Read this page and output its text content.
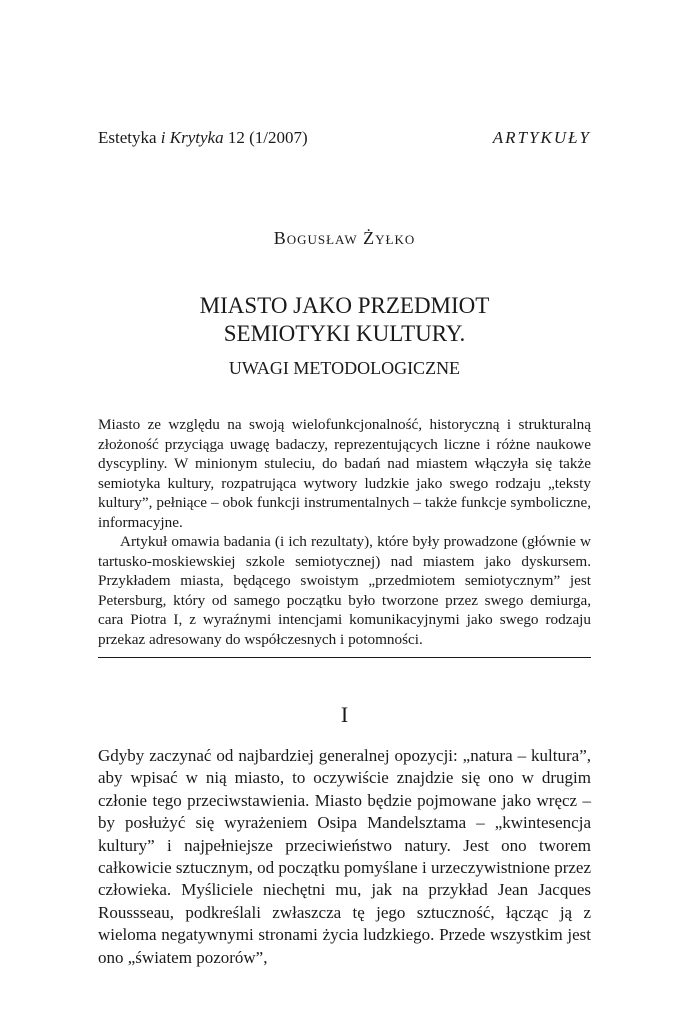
Estetyka i Krytyka 12 (1/2007)	ARTYKUŁY
Bogusław Żyłko
MIASTO JAKO PRZEDMIOT
SEMIOTYKI KULTURY.
UWAGI METODOLOGICZNE

Miasto ze względu na swoją wielofunkcjonalność, historyczną i strukturalną złożoność przyciąga uwagę badaczy, reprezentujących liczne i różne naukowe dyscypliny. W minionym stuleciu, do badań nad miastem włączyła się także semiotyka kultury, rozpatrująca wytwory ludzkie jako swego rodzaju „teksty kultury”, pełniące – obok funkcji instrumentalnych – także funkcje symboliczne, informacyjne.

Artykuł omawia badania (i ich rezultaty), które były prowadzone (głównie w tartusko-moskiewskiej szkole semiotycznej) nad miastem jako dyskursem. Przykładem miasta, będącego swoistym „przedmiotem semiotycznym” jest Petersburg, który od samego początku było tworzone przez swego demiurga, cara Piotra I, z wyraźnymi intencjami komunikacyjnymi jako swego rodzaju przekaz adresowany do współczesnych i potomności.

I

Gdyby zaczynać od najbardziej generalnej opozycji: „natura – kultura”, aby wpisać w nią miasto, to oczywiście znajdzie się ono w drugim członie tego przeciwstawienia. Miasto będzie pojmowane jako wręcz – by posłużyć się wyrażeniem Osipa Mandelsztama – „kwintesencja kultury” i najpełniejsze przeciwieństwo natury. Jest ono tworem całkowicie sztucznym, od początku pomyślane i urzeczywistnione przez człowieka. Myśliciele niechętni mu, jak na przykład Jean Jacques Roussseau, podkreślali zwłaszcza tę jego sztuczność, łącząc ją z wieloma negatywnymi stronami życia ludzkiego. Przede wszystkim jest ono „światem pozorów”,
